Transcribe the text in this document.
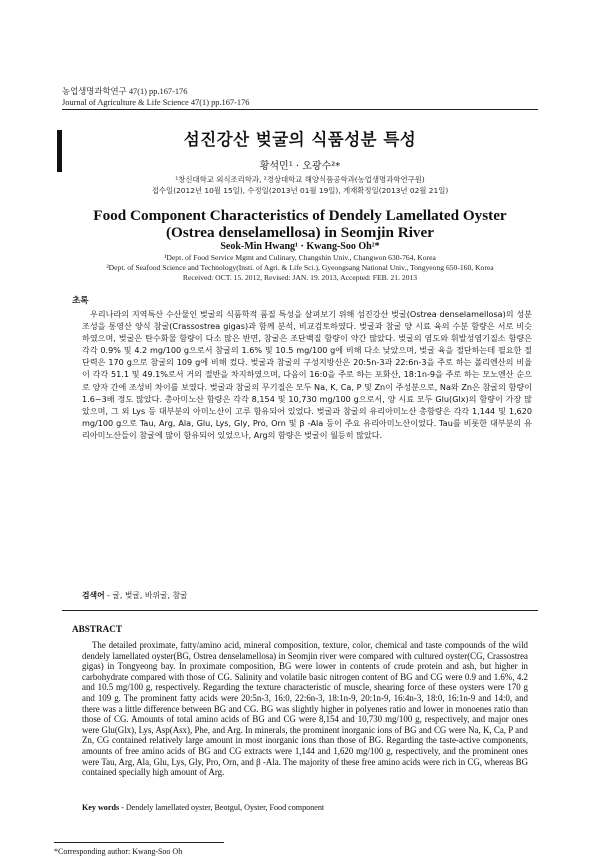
농업생명과학연구 47(1) pp.167-176
Journal of Agriculture & Life Science 47(1) pp.167-176
섬진강산 벚굴의 식품성분 특성
황석민¹ · 오광수²*
¹창신대학교 외식조리학과, ²경상대학교 해양식품공학과(농업생명과학연구원)
접수일(2012년 10월 15일), 수정일(2013년 01월 19일), 게재확정일(2013년 02월 21일)
Food Component Characteristics of Dendely Lamellated Oyster
(Ostrea denselamellosa) in Seomjin River
Seok-Min Hwang¹ · Kwang-Soo Oh²*
¹Dept. of Food Service Mgmt and Culinary, Changshin Univ., Changwon 630-764, Korea
²Dept. of Seafood Science and Technology(Insti. of Agri. & Life Sci.), Gyeongsang National Univ., Tongyeong 650-160, Korea
Received: OCT. 15. 2012, Revised: JAN. 19. 2013, Accepted: FEB. 21. 2013
초록

우리나라의 지역특산 수산물인 벚굴의 식품학적 품질 특성을 살펴보기 위해 섬진강산 벚굴(Ostrea denselamellosa)의 성분조성을 통영산 양식 참굴(Crassostrea gigas)과 함께 분석, 비교검토하였다. 벚굴과 참굴 양 시료 육의 수분 함량은 서로 비슷하였으며, 벚굴은 탄수화물 함량이 다소 많은 반면, 참굴은 조단백질 함량이 약간 많았다. 벚굴의 염도와 휘발성염기질소 함량은 각각 0.9% 및 4.2 mg/100 g으로서 참굴의 1.6% 및 10.5 mg/100 g에 비해 다소 낮았으며, 벚굴 육을 절단하는데 필요한 절단력은 170 g으로 참굴의 109 g에 비해 컸다. 벚굴과 참굴의 구성지방산은 20:5n-3과 22:6n-3을 주로 하는 폴리엔산의 비율이 각각 51.1 및 49.1%로서 거의 절반을 차지하였으며, 다음이 16:0을 주로 하는 포화산, 18:1n-9을 주로 하는 모노엔산 순으로 양자 간에 조성비 차이를 보였다. 벚굴과 참굴의 무기질은 모두 Na, K, Ca, P 및 Zn이 주성분으로, Na와 Zn은 참굴의 함량이 1.6~3배 정도 많았다. 총아미노산 함량은 각각 8,154 및 10,730 mg/100 g으로서, 양 시료 모두 Glu(Glx)의 함량이 가장 많았으며, 그 외 Lys 등 대부분의 아미노산이 고루 함유되어 있었다. 벚굴과 참굴의 유리아미노산 총함량은 각각 1,144 및 1,620 mg/100 g으로 Tau, Arg, Ala, Glu, Lys, Gly, Pro, Orn 및 β -Ala 등이 주요 유리아미노산이었다. Tau를 비롯한 대부분의 유리아미노산들이 참굴에 많이 함유되어 있었으나, Arg의 함량은 벚굴이 월등히 많았다.

검색어 - 굴, 벚굴, 바위굴, 참굴
ABSTRACT

The detailed proximate, fatty/amino acid, mineral composition, texture, color, chemical and taste compounds of the wild dendely lamellated oyster(BG, Ostrea denselamellosa) in Seomjin river were compared with cultured oyster(CG, Crassostrea gigas) in Tongyeong bay. In proximate composition, BG were lower in contents of crude protein and ash, but higher in carbohydrate compared with those of CG. Salinity and volatile basic nitrogen content of BG and CG were 0.9 and 1.6%, 4.2 and 10.5 mg/100 g, respectively. Regarding the texture characteristic of muscle, shearing force of these oysters were 170 g and 109 g. The prominent fatty acids were 20:5n-3, 16:0, 22:6n-3, 18:1n-9, 20:1n-9, 16:4n-3, 18:0, 16:1n-9 and 14:0, and there was a little difference between BG and CG. BG was slightly higher in polyenes ratio and lower in monoenes ratio than those of CG. Amounts of total amino acids of BG and CG were 8,154 and 10,730 mg/100 g, respectively, and major ones were Glu(Glx), Lys, Asp(Asx), Phe, and Arg. In minerals, the prominent inorganic ions of BG and CG were Na, K, Ca, P and Zn, CG contained relatively large amount in most inorganic ions than those of BG. Regarding the taste-active components, amounts of free amino acids of BG and CG extracts were 1,144 and 1,620 mg/100 g, respectively, and the prominent ones were Tau, Arg, Ala, Glu, Lys, Gly, Pro, Orn, and β -Ala. The majority of these free amino acids were rich in CG, whereas BG contained specially high amount of Arg.

Key words - Dendely lamellated oyster, Beotgul, Oyster, Food component
*Corresponding author: Kwang-Soo Oh
